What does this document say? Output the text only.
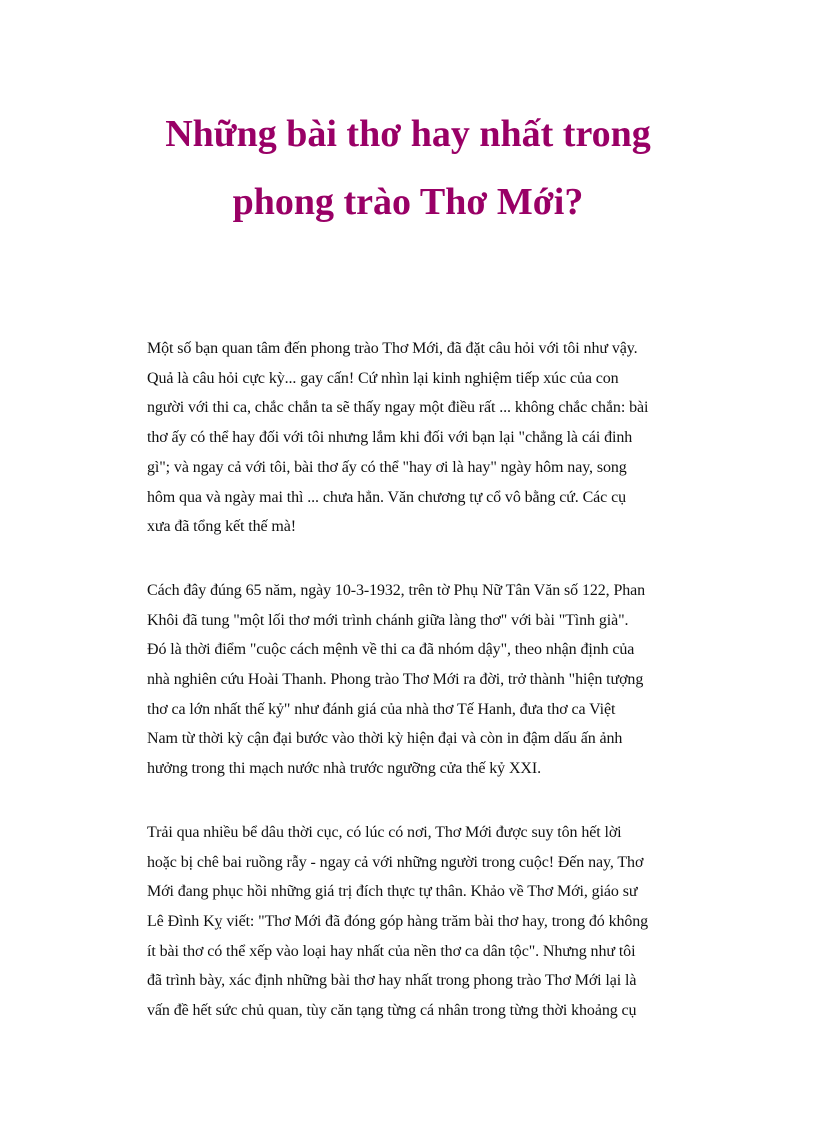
Những bài thơ hay nhất trong
phong trào Thơ Mới?

Một số bạn quan tâm đến phong trào Thơ Mới, đã đặt câu hỏi với tôi như vậy.
Quả là câu hỏi cực kỳ... gay cấn! Cứ nhìn lại kinh nghiệm tiếp xúc của con
người với thi ca, chắc chắn ta sẽ thấy ngay một điều rất ... không chắc chắn: bài
thơ ấy có thể hay đối với tôi nhưng lắm khi đối với bạn lại "chẳng là cái đinh
gì"; và ngay cả với tôi, bài thơ ấy có thể "hay ơi là hay" ngày hôm nay, song
hôm qua và ngày mai thì ... chưa hẳn. Văn chương tự cổ vô bằng cứ. Các cụ
xưa đã tổng kết thế mà!

Cách đây đúng 65 năm, ngày 10-3-1932, trên tờ Phụ Nữ Tân Văn số 122, Phan
Khôi đã tung "một lối thơ mới trình chánh giữa làng thơ" với bài "Tình già".
Đó là thời điểm "cuộc cách mệnh về thi ca đã nhóm dậy", theo nhận định của
nhà nghiên cứu Hoài Thanh. Phong trào Thơ Mới ra đời, trở thành "hiện tượng
thơ ca lớn nhất thế kỷ" như đánh giá của nhà thơ Tế Hanh, đưa thơ ca Việt
Nam từ thời kỳ cận đại bước vào thời kỳ hiện đại và còn in đậm dấu ấn ảnh
hưởng trong thi mạch nước nhà trước ngưỡng cửa thế kỷ XXI.

Trải qua nhiều bể dâu thời cục, có lúc có nơi, Thơ Mới được suy tôn hết lời
hoặc bị chê bai ruồng rẫy - ngay cả với những người trong cuộc! Đến nay, Thơ
Mới đang phục hồi những giá trị đích thực tự thân. Khảo về Thơ Mới, giáo sư
Lê Đình Kỵ viết: "Thơ Mới đã đóng góp hàng trăm bài thơ hay, trong đó không
ít bài thơ có thể xếp vào loại hay nhất của nền thơ ca dân tộc". Nhưng như tôi
đã trình bày, xác định những bài thơ hay nhất trong phong trào Thơ Mới lại là
vấn đề hết sức chủ quan, tùy căn tạng từng cá nhân trong từng thời khoảng cụ
